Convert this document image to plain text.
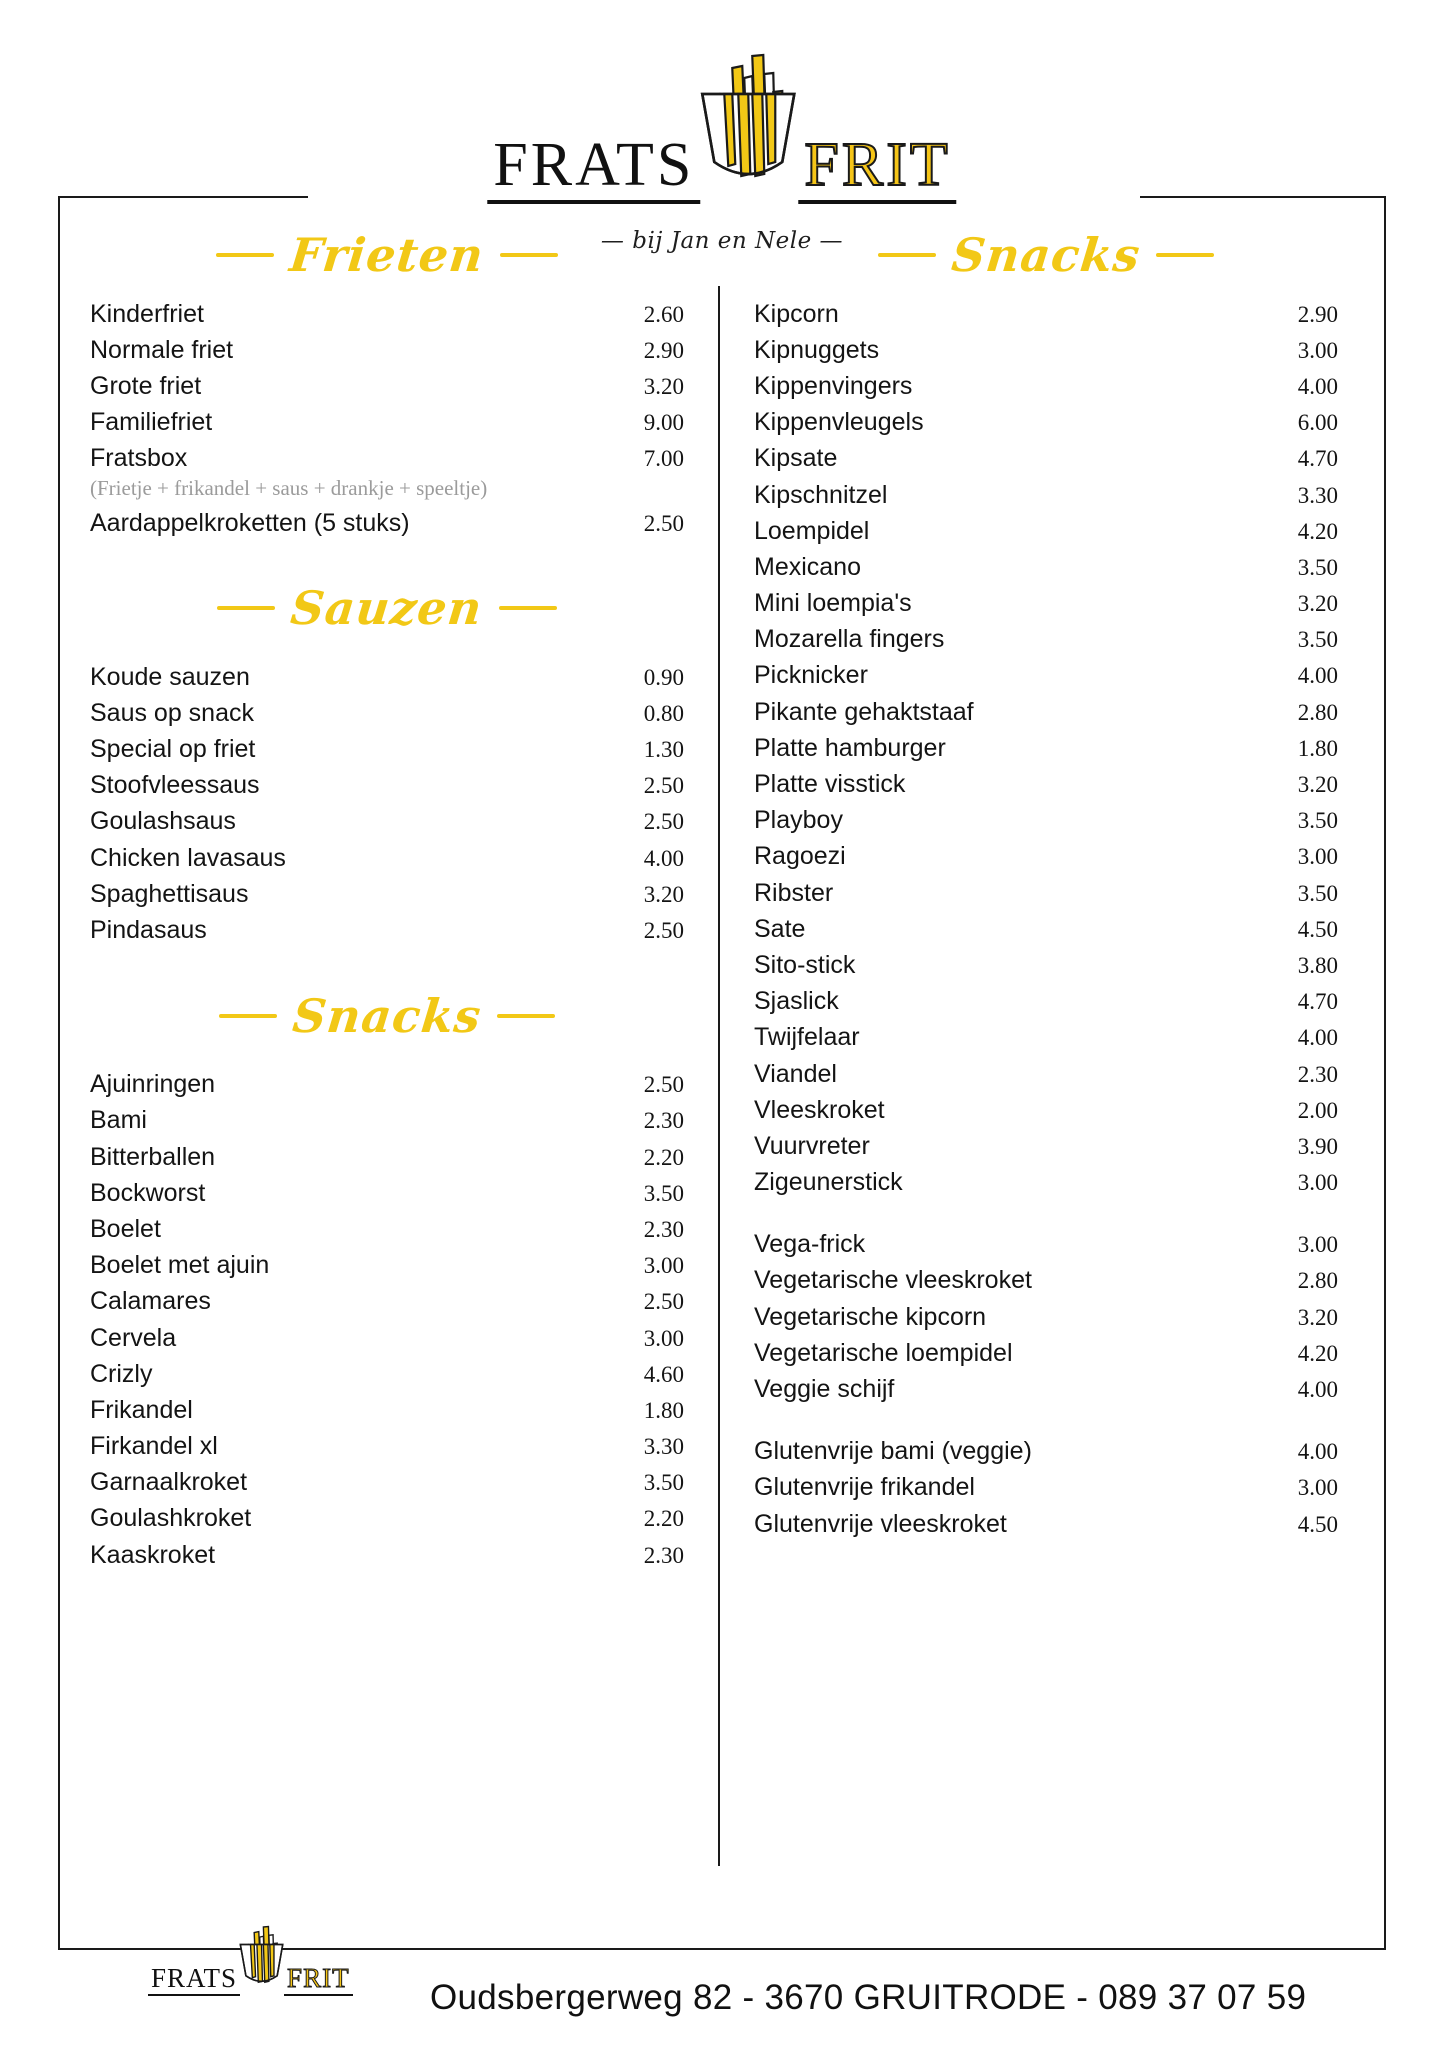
FRATS FRIT
— bij Jan en Nele —
Frieten
Kinderfriet	2.60
Normale friet	2.90
Grote friet	3.20
Familiefriet	9.00
Fratsbox	7.00
(Frietje + frikandel + saus + drankje + speeltje)
Aardappelkroketten (5 stuks)	2.50
Sauzen
Koude sauzen	0.90
Saus op snack	0.80
Special op friet	1.30
Stoofvleessaus	2.50
Goulashsaus	2.50
Chicken lavasaus	4.00
Spaghettisaus	3.20
Pindasaus	2.50
Snacks
Ajuinringen	2.50
Bami	2.30
Bitterballen	2.20
Bockworst	3.50
Boelet	2.30
Boelet met ajuin	3.00
Calamares	2.50
Cervela	3.00
Crizly	4.60
Frikandel	1.80
Firkandel xl	3.30
Garnaalkroket	3.50
Goulashkroket	2.20
Kaaskroket	2.30
Snacks
Kipcorn	2.90
Kipnuggets	3.00
Kippenvingers	4.00
Kippenvleugels	6.00
Kipsate	4.70
Kipschnitzel	3.30
Loempidel	4.20
Mexicano	3.50
Mini loempia's	3.20
Mozarella fingers	3.50
Picknicker	4.00
Pikante gehaktstaaf	2.80
Platte hamburger	1.80
Platte visstick	3.20
Playboy	3.50
Ragoezi	3.00
Ribster	3.50
Sate	4.50
Sito-stick	3.80
Sjaslick	4.70
Twijfelaar	4.00
Viandel	2.30
Vleeskroket	2.00
Vuurvreter	3.90
Zigeunerstick	3.00
Vega-frick	3.00
Vegetarische vleeskroket	2.80
Vegetarische kipcorn	3.20
Vegetarische loempidel	4.20
Veggie schijf	4.00
Glutenvrije bami (veggie)	4.00
Glutenvrije frikandel	3.00
Glutenvrije vleeskroket	4.50
FRATS FRIT Oudsbergerweg 82 - 3670 GRUITRODE - 089 37 07 59
